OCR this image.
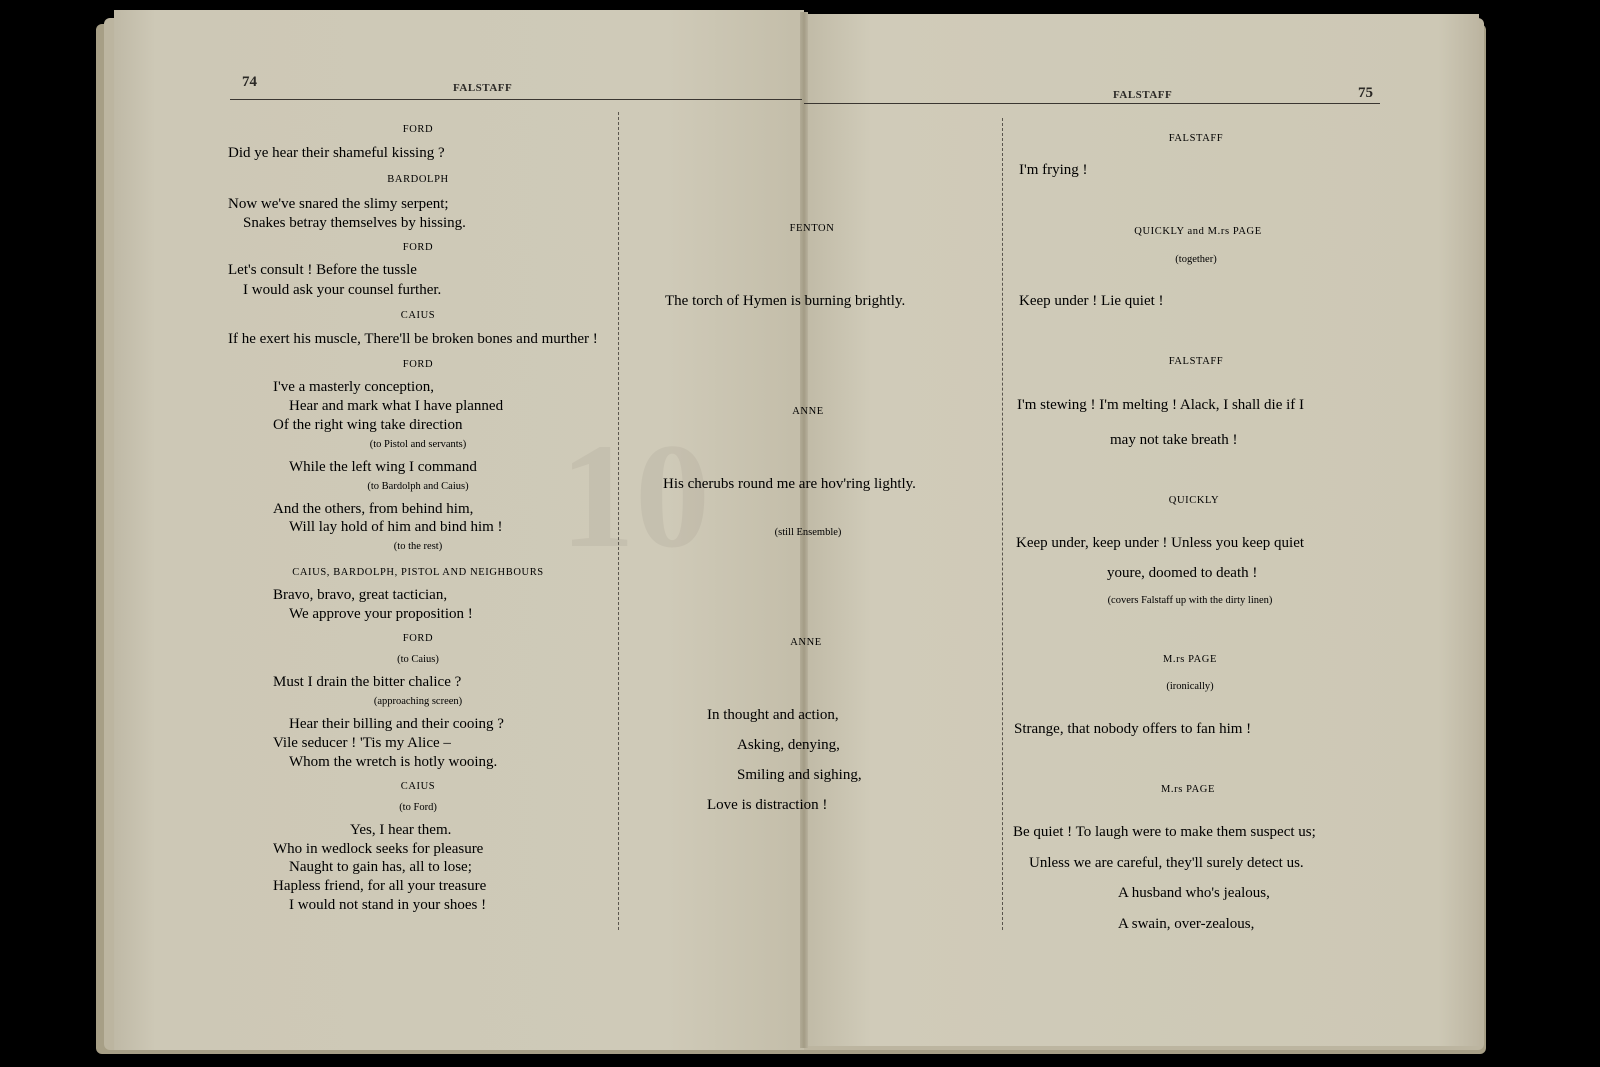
10
74	FALSTAFF
FALSTAFF	75
FORD
Did ye hear their shameful kissing ?
BARDOLPH
Now we've snared the slimy serpent;
Snakes betray themselves by hissing.
FORD
Let's consult ! Before the tussle
I would ask your counsel further.
CAIUS
If he exert his muscle, There'll be broken bones and murther !
FORD
I've a masterly conception,
Hear and mark what I have planned
Of the right wing take direction
(to Pistol and servants)
While the left wing I command
(to Bardolph and Caius)
And the others, from behind him,
Will lay hold of him and bind him !
(to the rest)
CAIUS, BARDOLPH, PISTOL AND NEIGHBOURS
Bravo, bravo, great tactician,
We approve your proposition !
FORD
(to Caius)
Must I drain the bitter chalice ?
(approaching screen)
Hear their billing and their cooing ?
Vile seducer ! 'Tis my Alice –
Whom the wretch is hotly wooing.
CAIUS
(to Ford)
Yes, I hear them.
Who in wedlock seeks for pleasure
Naught to gain has, all to lose;
Hapless friend, for all your treasure
I would not stand in your shoes !
FENTON
The torch of Hymen is burning brightly.
ANNE
His cherubs round me are hov'ring lightly.
(still Ensemble)
ANNE
In thought and action,
Asking, denying,
Smiling and sighing,
Love is distraction !
FALSTAFF
I'm frying !
QUICKLY and M.rs PAGE
(together)
Keep under ! Lie quiet !
FALSTAFF
I'm stewing ! I'm melting ! Alack, I shall die if I
may not take breath !
QUICKLY
Keep under, keep under ! Unless you keep quiet
youre, doomed to death !
(covers Falstaff up with the dirty linen)
M.rs PAGE
(ironically)
Strange, that nobody offers to fan him !
M.rs PAGE
Be quiet ! To laugh were to make them suspect us;
Unless we are careful, they'll surely detect us.
A husband who's jealous,
A swain, over-zealous,
